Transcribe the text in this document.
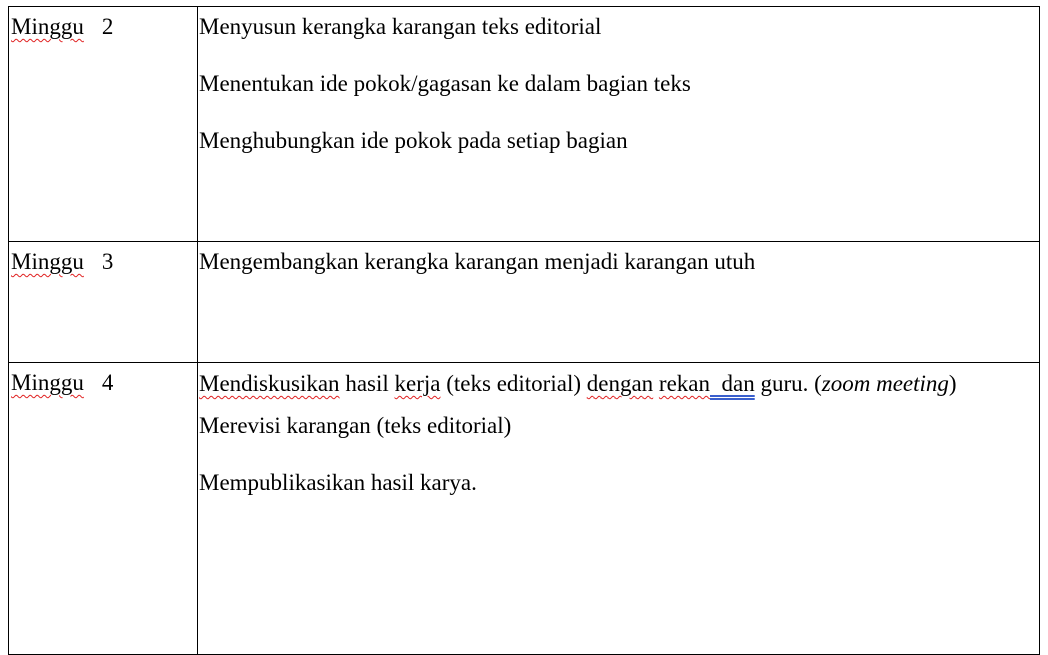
Minggu 2	Menyusun kerangka karangan teks editorial
Menentukan ide pokok/gagasan ke dalam bagian teks
Menghubungkan ide pokok pada setiap bagian

Minggu 3	Mengembangkan kerangka karangan menjadi karangan utuh

Minggu 4	Mendiskusikan hasil kerja (teks editorial) dengan rekan dan guru. (zoom meeting)
Merevisi karangan (teks editorial)
Mempublikasikan hasil karya.
